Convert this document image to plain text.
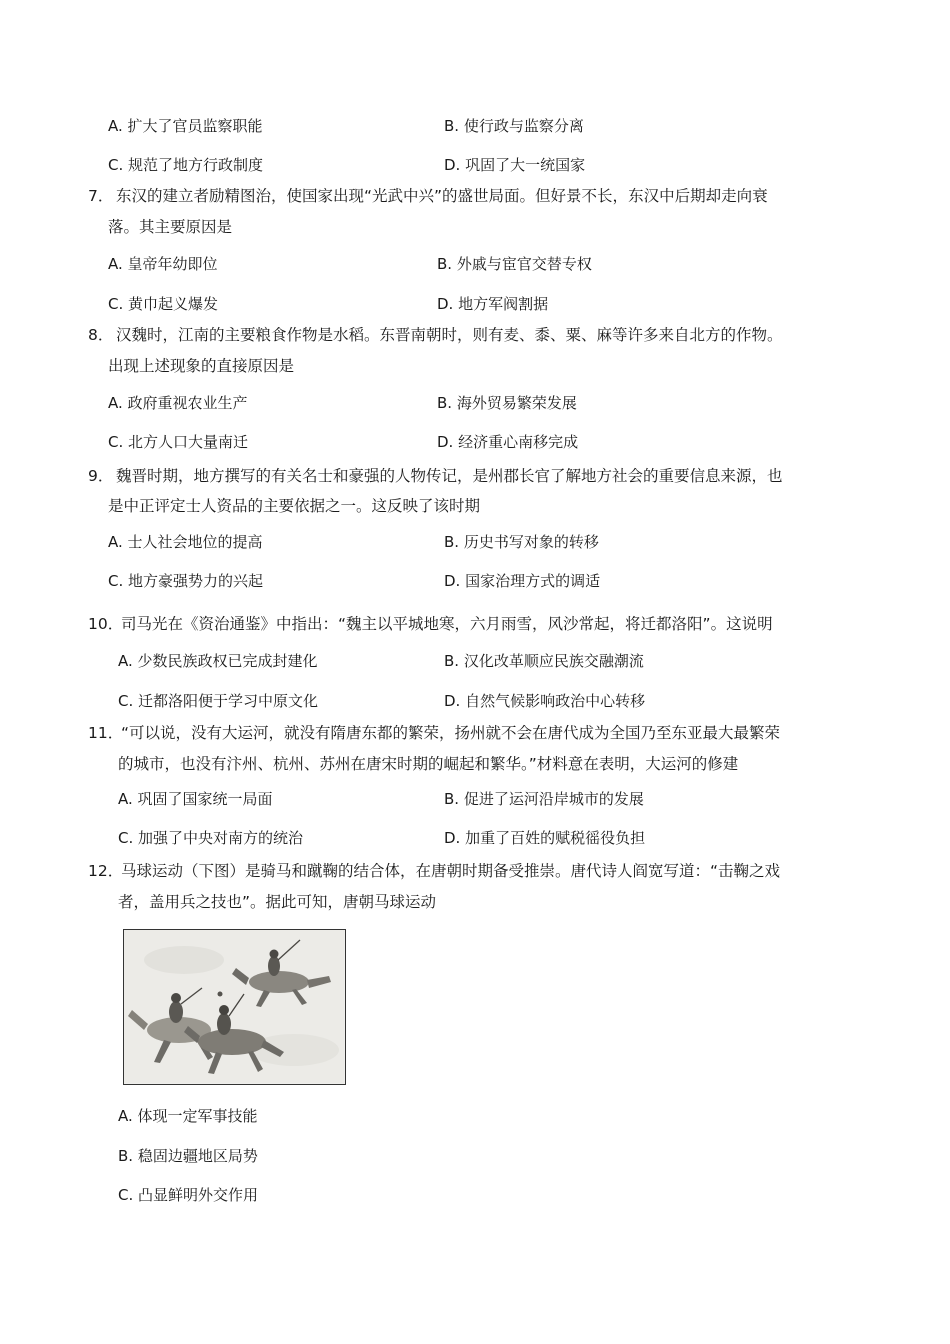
A. 扩大了官员监察职能	B. 使行政与监察分离
C. 规范了地方行政制度	D. 巩固了大一统国家
7． 东汉的建立者励精图治，使国家出现“光武中兴”的盛世局面。但好景不长，东汉中后期却走向衰
落。其主要原因是
A. 皇帝年幼即位	B. 外戚与宦官交替专权
C. 黄巾起义爆发	D. 地方军阀割据
8． 汉魏时，江南的主要粮食作物是水稻。东晋南朝时，则有麦、黍、粟、麻等许多来自北方的作物。
出现上述现象的直接原因是
A. 政府重视农业生产	B. 海外贸易繁荣发展
C. 北方人口大量南迁	D. 经济重心南移完成
9． 魏晋时期，地方撰写的有关名士和豪强的人物传记，是州郡长官了解地方社会的重要信息来源，也
是中正评定士人资品的主要依据之一。这反映了该时期
A. 士人社会地位的提高	B. 历史书写对象的转移
C. 地方豪强势力的兴起	D. 国家治理方式的调适
10．
司马光在《资治通鉴》中指出：“魏主以平城地寒，六月雨雪，风沙常起，将迁都洛阳”。这说明
A. 少数民族政权已完成封建化	B. 汉化改革顺应民族交融潮流
C. 迁都洛阳便于学习中原文化	D. 自然气候影响政治中心转移
11．
“可以说，没有大运河，就没有隋唐东都的繁荣，扬州就不会在唐代成为全国乃至东亚最大最繁荣
的城市，也没有汴州、杭州、苏州在唐宋时期的崛起和繁华。”材料意在表明，大运河的修建
A. 巩固了国家统一局面	B. 促进了运河沿岸城市的发展
C. 加强了中央对南方的统治	D. 加重了百姓的赋税徭役负担
12．
马球运动（下图）是骑马和蹴鞠的结合体，在唐朝时期备受推崇。唐代诗人阎宽写道：“击鞠之戏
者，盖用兵之技也”。据此可知，唐朝马球运动
A. 体现一定军事技能
B. 稳固边疆地区局势
C. 凸显鲜明外交作用
